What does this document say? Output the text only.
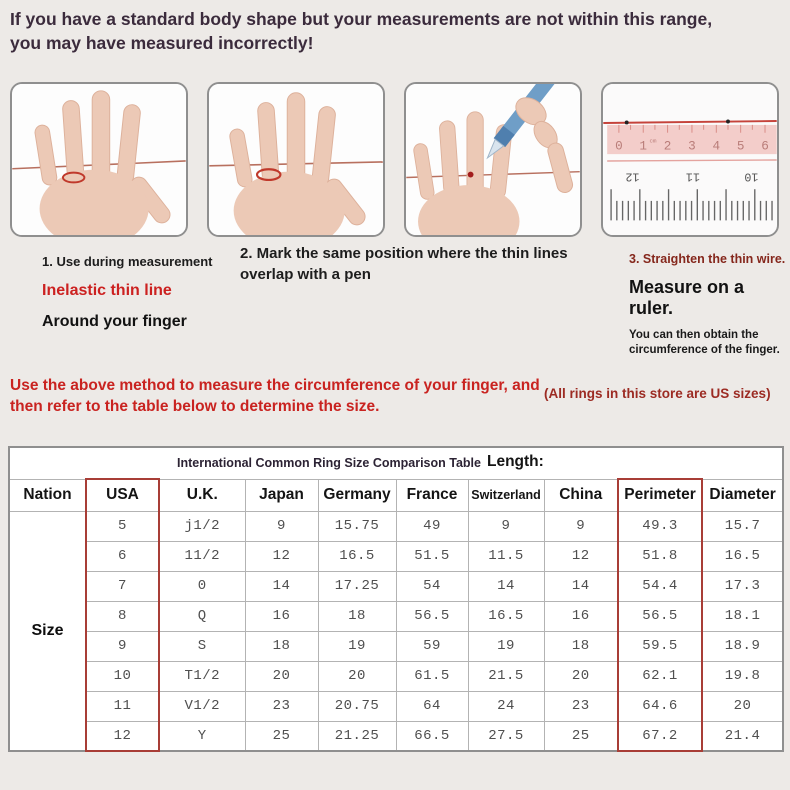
If you have a standard body shape but your measurements are not within this range, you may have measured incorrectly!
0 1 2 3 4 5 6
cm
12	11	10
1. Use during measurement
Inelastic thin line
Around your finger
2. Mark the same position where the thin lines overlap with a pen
3. Straighten the thin wire.
Measure on a ruler.
You can then obtain the circumference of the finger.
Use the above method to measure the circumference of your finger, and then refer to the table below to determine the size.
(All rings in this store are US sizes)
International Common Ring Size Comparison Table Length:									

Nation	USA	U.K.	Japan	Germany	France	Switzerland	China	Perimeter	Diameter
Size	5	j1/2	9	15.75	49	9	9	49.3	15.7
	6	11/2	12	16.5	51.5	11.5	12	51.8	16.5
	7	0	14	17.25	54	14	14	54.4	17.3
	8	Q	16	18	56.5	16.5	16	56.5	18.1
	9	S	18	19	59	19	18	59.5	18.9
	10	T1/2	20	20	61.5	21.5	20	62.1	19.8
	11	V1/2	23	20.75	64	24	23	64.6	20
	12	Y	25	21.25	66.5	27.5	25	67.2	21.4
